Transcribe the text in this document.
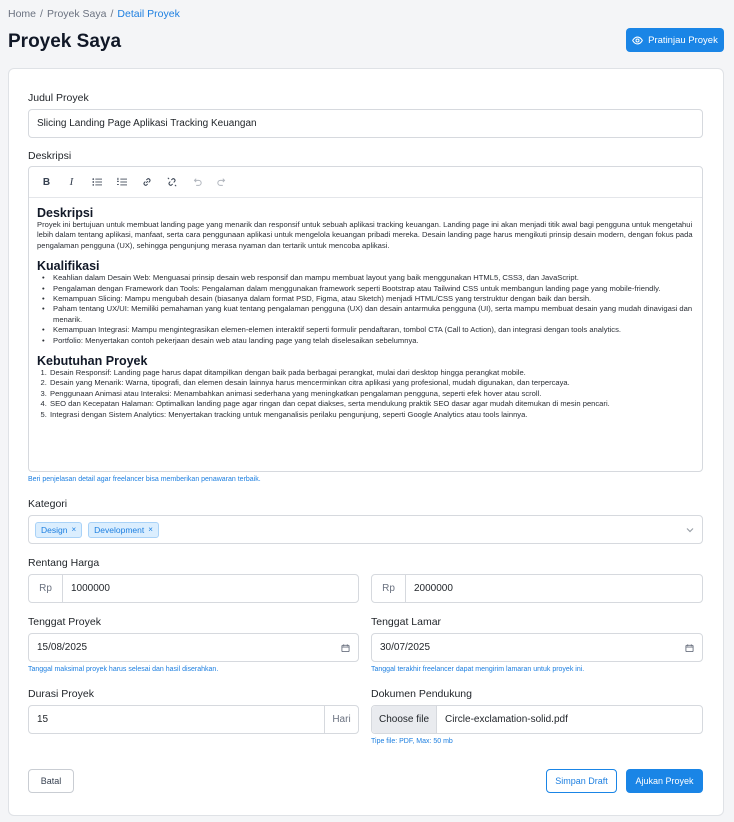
Home / Proyek Saya / Detail Proyek
Proyek Saya	Pratinjau Proyek
Judul Proyek
Slicing Landing Page Aplikasi Tracking Keuangan
Deskripsi
B	I
Deskripsi

Proyek ini bertujuan untuk membuat landing page yang menarik dan responsif untuk sebuah aplikasi tracking keuangan. Landing page ini akan menjadi titik awal bagi pengguna untuk mengetahui lebih dalam tentang aplikasi, manfaat, serta cara penggunaan aplikasi untuk mengelola keuangan pribadi mereka. Desain landing page harus mengikuti prinsip desain modern, dengan fokus pada pengalaman pengguna (UX), sehingga pengunjung merasa nyaman dan tertarik untuk mencoba aplikasi.

Kualifikasi
• Keahlian dalam Desain Web: Menguasai prinsip desain web responsif dan mampu membuat layout yang baik menggunakan HTML5, CSS3, dan JavaScript.
• Pengalaman dengan Framework dan Tools: Pengalaman dalam menggunakan framework seperti Bootstrap atau Tailwind CSS untuk membangun landing page yang mobile-friendly.
• Kemampuan Slicing: Mampu mengubah desain (biasanya dalam format PSD, Figma, atau Sketch) menjadi HTML/CSS yang terstruktur dengan baik dan bersih.
• Paham tentang UX/UI: Memiliki pemahaman yang kuat tentang pengalaman pengguna (UX) dan desain antarmuka pengguna (UI), serta mampu membuat desain yang mudah dinavigasi dan menarik.
• Kemampuan Integrasi: Mampu mengintegrasikan elemen-elemen interaktif seperti formulir pendaftaran, tombol CTA (Call to Action), dan integrasi dengan tools analytics.
• Portfolio: Menyertakan contoh pekerjaan desain web atau landing page yang telah diselesaikan sebelumnya.
Kebutuhan Proyek
1. Desain Responsif: Landing page harus dapat ditampilkan dengan baik pada berbagai perangkat, mulai dari desktop hingga perangkat mobile.
2. Desain yang Menarik: Warna, tipografi, dan elemen desain lainnya harus mencerminkan citra aplikasi yang profesional, mudah digunakan, dan terpercaya.
3. Penggunaan Animasi atau Interaksi: Menambahkan animasi sederhana yang meningkatkan pengalaman pengguna, seperti efek hover atau scroll.
4. SEO dan Kecepatan Halaman: Optimalkan landing page agar ringan dan cepat diakses, serta mendukung praktik SEO dasar agar mudah ditemukan di mesin pencari.
5. Integrasi dengan Sistem Analytics: Menyertakan tracking untuk menganalisis perilaku pengunjung, seperti Google Analytics atau tools lainnya.
Beri penjelasan detail agar freelancer bisa memberikan penawaran terbaik.
Kategori
Design × Development ×
Rentang Harga
Rp	1000000	Rp	2000000
Tenggat Proyek
15/08/2025
Tanggal maksimal proyek harus selesai dan hasil diserahkan.
Tenggat Lamar
30/07/2025
Tanggal terakhir freelancer dapat mengirim lamaran untuk proyek ini.
Durasi Proyek
15	Hari
Dokumen Pendukung
Choose file	Circle-exclamation-solid.pdf
Tipe file: PDF, Max: 50 mb
Batal	Simpan Draft	Ajukan Proyek
